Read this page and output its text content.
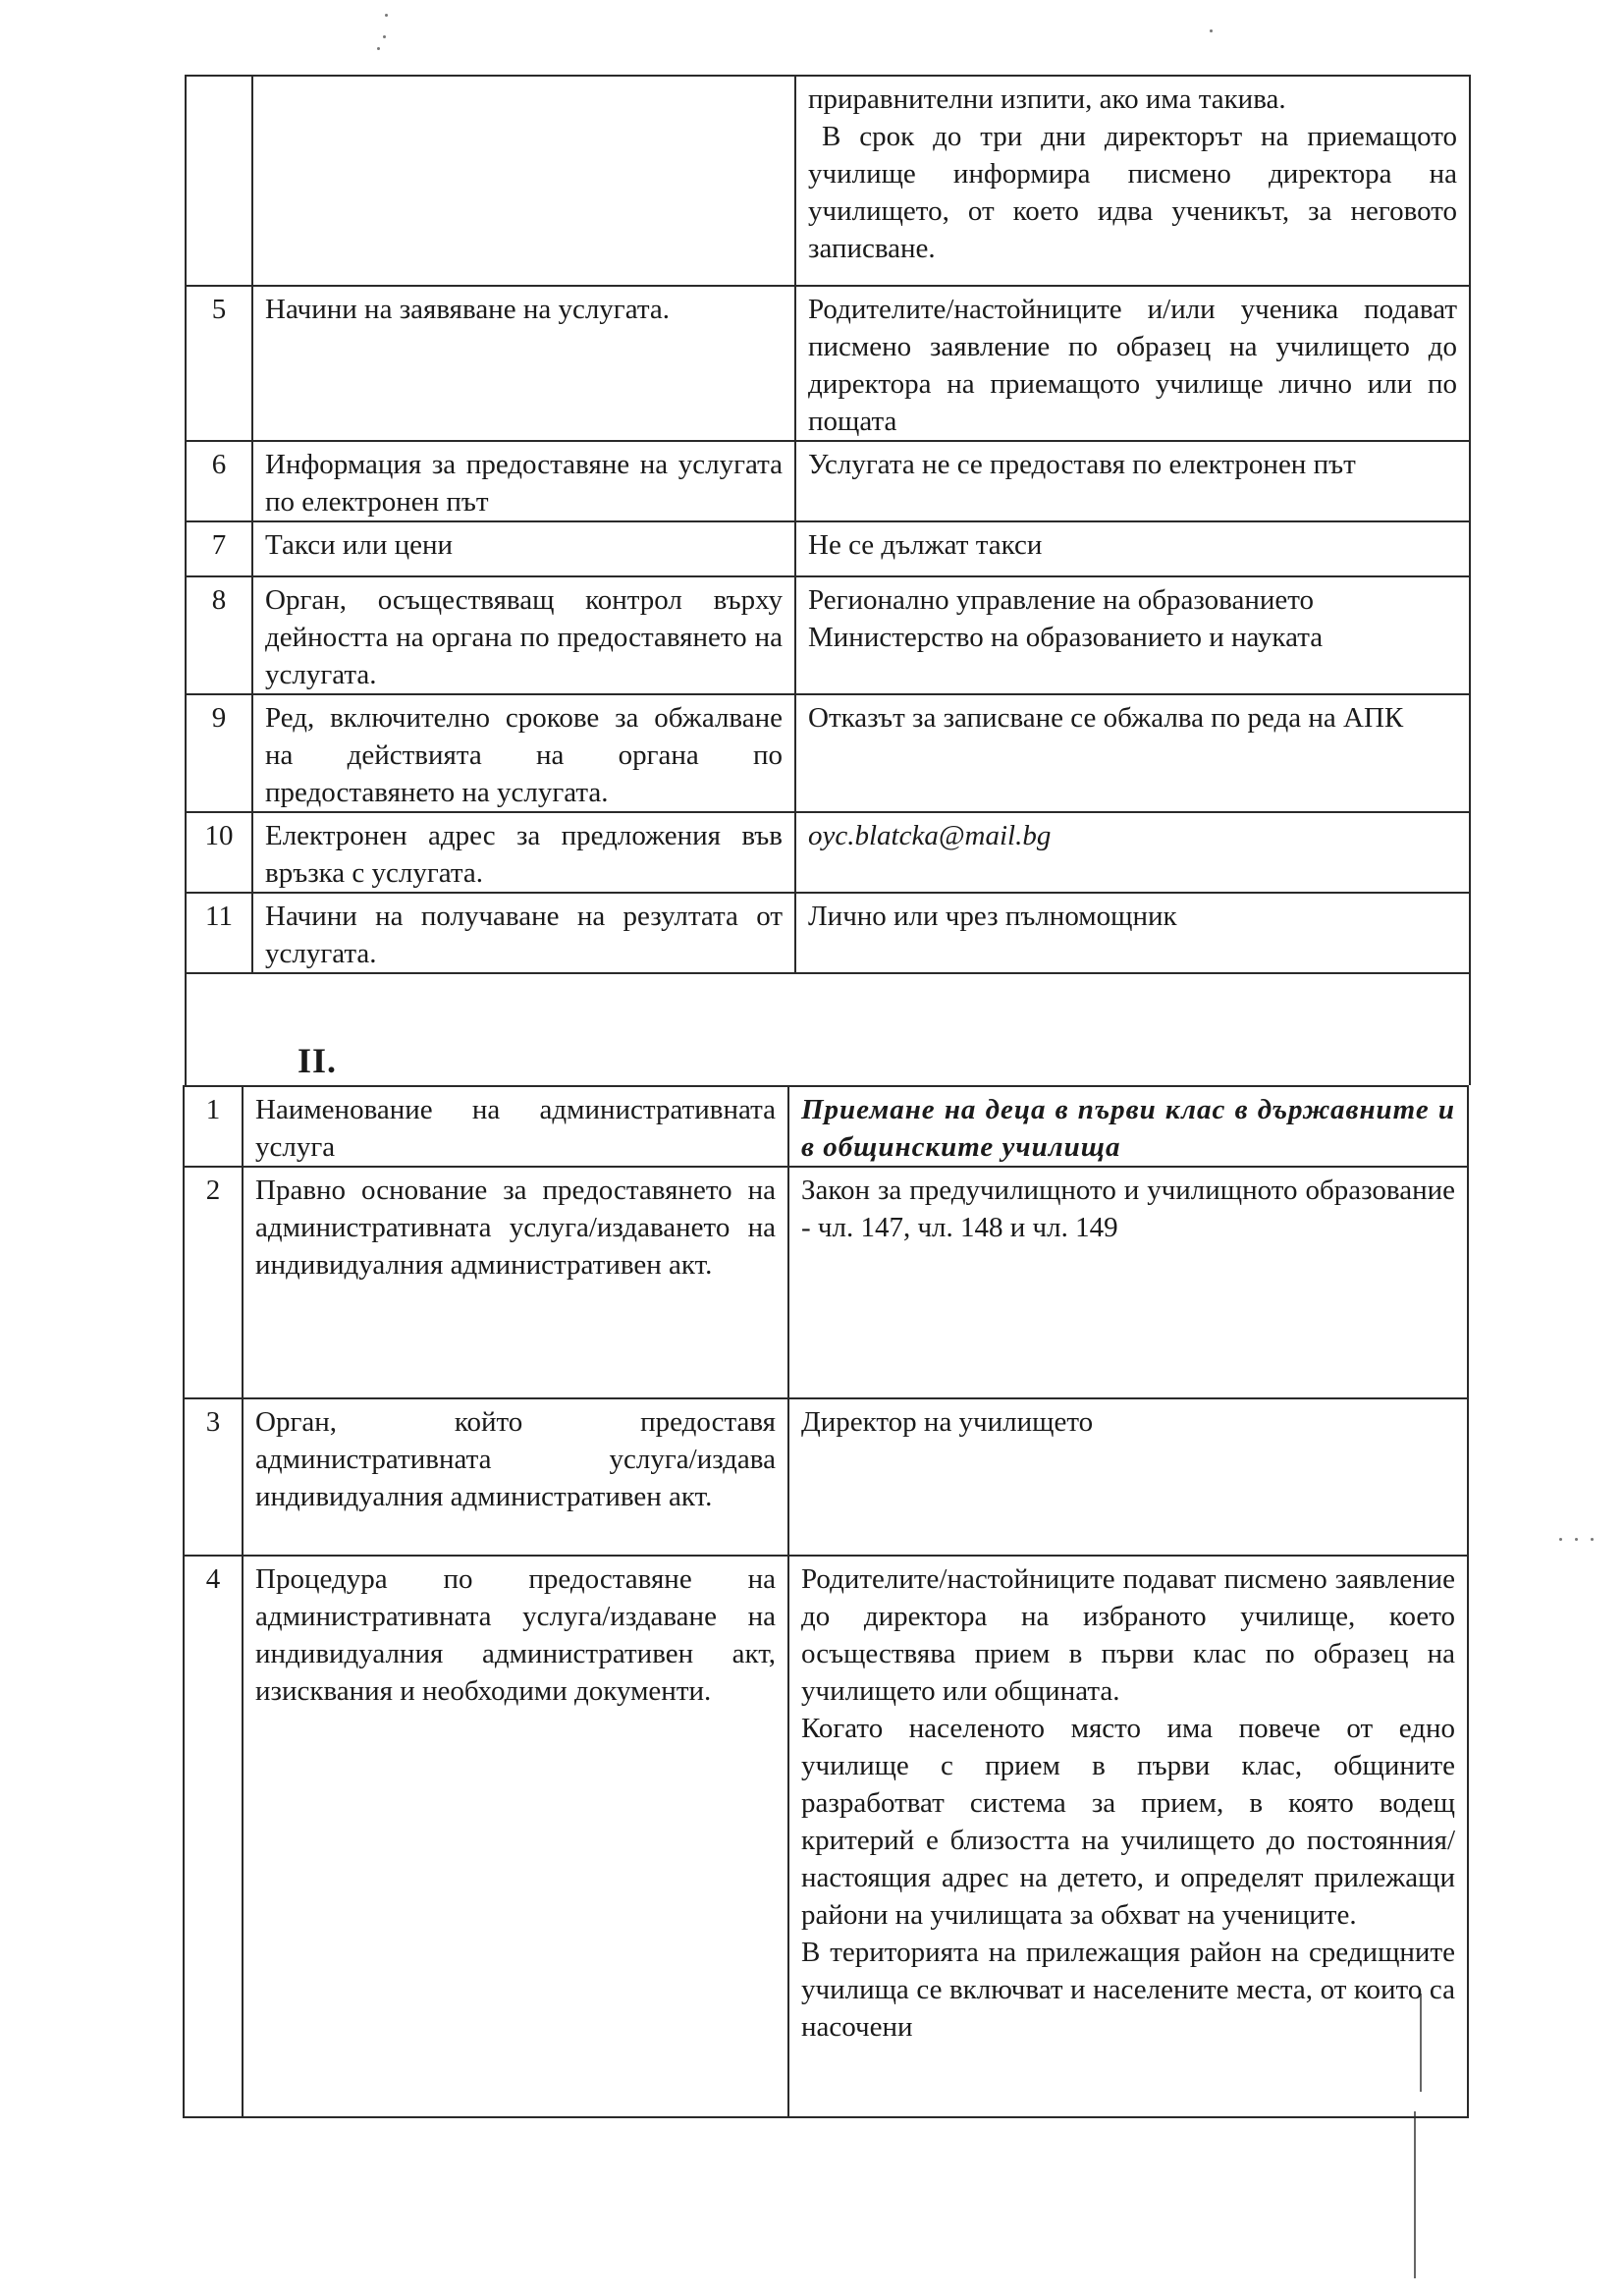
		приравнителни изпити, ако има такива.

В срок до три дни директорът на приемащото училище информира писмено директора на училището, от което идва ученикът, за неговото записване.

5	Начини на заявяване на услугата.	Родителите/настойниците и/или ученика подават писмено заявление по образец на училището до директора на приемащото училище лично или по пощата
6	Информация за предоставяне на услугата по електронен път	Услугата не се предоставя по електронен път
7	Такси или цени	Не се дължат такси
8	Орган, осъществяващ контрол върху дейността на органа по предоставянето на услугата.	Регионално управление на образованието

Министерство на образованието и науката

9	Ред, включително срокове за обжалване на действията на органа по предоставянето на услугата.	Отказът за записване се обжалва по реда на АПК
10	Електронен адрес за предложения във връзка с услугата.	oyc.blatcka@mail.bg
11	Начини на получаване на резултата от услугата.	Лично или чрез пълномощник
II.
1	Наименование на административната услуга	Приемане на деца в първи клас в държавните и в общинските училища
2	Правно основание за предоставянето на административната услуга/издаването на индивидуалния административен акт.	Закон за предучилищното и училищното образование - чл. 147, чл. 148 и чл. 149
3	Орган, който предоставя административната услуга/издава индивидуалния административен акт.	Директор на училището
4	Процедура по предоставяне на административната услуга/издаване на индивидуалния административен акт, изисквания и необходими документи.	Родителите/настойниците подават писмено заявление до директора на избраното училище, което осъществява прием в първи клас по образец на училището или общината.

Когато населеното място има повече от едно училище с прием в първи клас, общините разработват система за прием, в която водещ критерий е близостта на училището до постоянния/настоящия адрес на детето, и определят прилежащи райони на училищата за обхват на учениците.

В територията на прилежащия район на средищните училища се включват и населените места, от които са насочени
